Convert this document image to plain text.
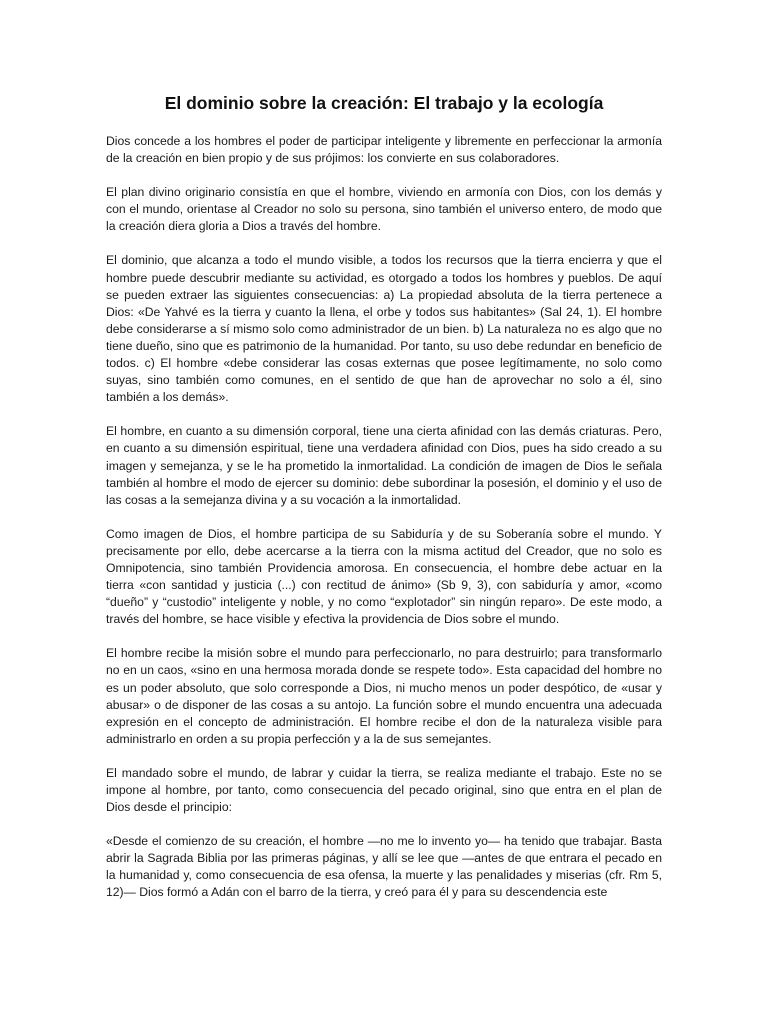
El dominio sobre la creación: El trabajo y la ecología

Dios concede a los hombres el poder de participar inteligente y libremente en perfeccionar la armonía de la creación en bien propio y de sus prójimos: los convierte en sus colaboradores.

El plan divino originario consistía en que el hombre, viviendo en armonía con Dios, con los demás y con el mundo, orientase al Creador no solo su persona, sino también el universo entero, de modo que la creación diera gloria a Dios a través del hombre.

El dominio, que alcanza a todo el mundo visible, a todos los recursos que la tierra encierra y que el hombre puede descubrir mediante su actividad, es otorgado a todos los hombres y pueblos. De aquí se pueden extraer las siguientes consecuencias: a) La propiedad absoluta de la tierra pertenece a Dios: «De Yahvé es la tierra y cuanto la llena, el orbe y todos sus habitantes» (Sal 24, 1). El hombre debe considerarse a sí mismo solo como administrador de un bien. b) La naturaleza no es algo que no tiene dueño, sino que es patrimonio de la humanidad. Por tanto, su uso debe redundar en beneficio de todos. c) El hombre «debe considerar las cosas externas que posee legítimamente, no solo como suyas, sino también como comunes, en el sentido de que han de aprovechar no solo a él, sino también a los demás».

El hombre, en cuanto a su dimensión corporal, tiene una cierta afinidad con las demás criaturas. Pero, en cuanto a su dimensión espiritual, tiene una verdadera afinidad con Dios, pues ha sido creado a su imagen y semejanza, y se le ha prometido la inmortalidad. La condición de imagen de Dios le señala también al hombre el modo de ejercer su dominio: debe subordinar la posesión, el dominio y el uso de las cosas a la semejanza divina y a su vocación a la inmortalidad.

Como imagen de Dios, el hombre participa de su Sabiduría y de su Soberanía sobre el mundo. Y precisamente por ello, debe acercarse a la tierra con la misma actitud del Creador, que no solo es Omnipotencia, sino también Providencia amorosa. En consecuencia, el hombre debe actuar en la tierra «con santidad y justicia (...) con rectitud de ánimo» (Sb 9, 3), con sabiduría y amor, «como “dueño” y “custodio” inteligente y noble, y no como “explotador” sin ningún reparo». De este modo, a través del hombre, se hace visible y efectiva la providencia de Dios sobre el mundo.

El hombre recibe la misión sobre el mundo para perfeccionarlo, no para destruirlo; para transformarlo no en un caos, «sino en una hermosa morada donde se respete todo». Esta capacidad del hombre no es un poder absoluto, que solo corresponde a Dios, ni mucho menos un poder despótico, de «usar y abusar» o de disponer de las cosas a su antojo. La función sobre el mundo encuentra una adecuada expresión en el concepto de administración. El hombre recibe el don de la naturaleza visible para administrarlo en orden a su propia perfección y a la de sus semejantes.

El mandado sobre el mundo, de labrar y cuidar la tierra, se realiza mediante el trabajo. Este no se impone al hombre, por tanto, como consecuencia del pecado original, sino que entra en el plan de Dios desde el principio:

«Desde el comienzo de su creación, el hombre —no me lo invento yo— ha tenido que trabajar. Basta abrir la Sagrada Biblia por las primeras páginas, y allí se lee que —antes de que entrara el pecado en la humanidad y, como consecuencia de esa ofensa, la muerte y las penalidades y miserias (cfr. Rm 5, 12)— Dios formó a Adán con el barro de la tierra, y creó para él y para su descendencia este
